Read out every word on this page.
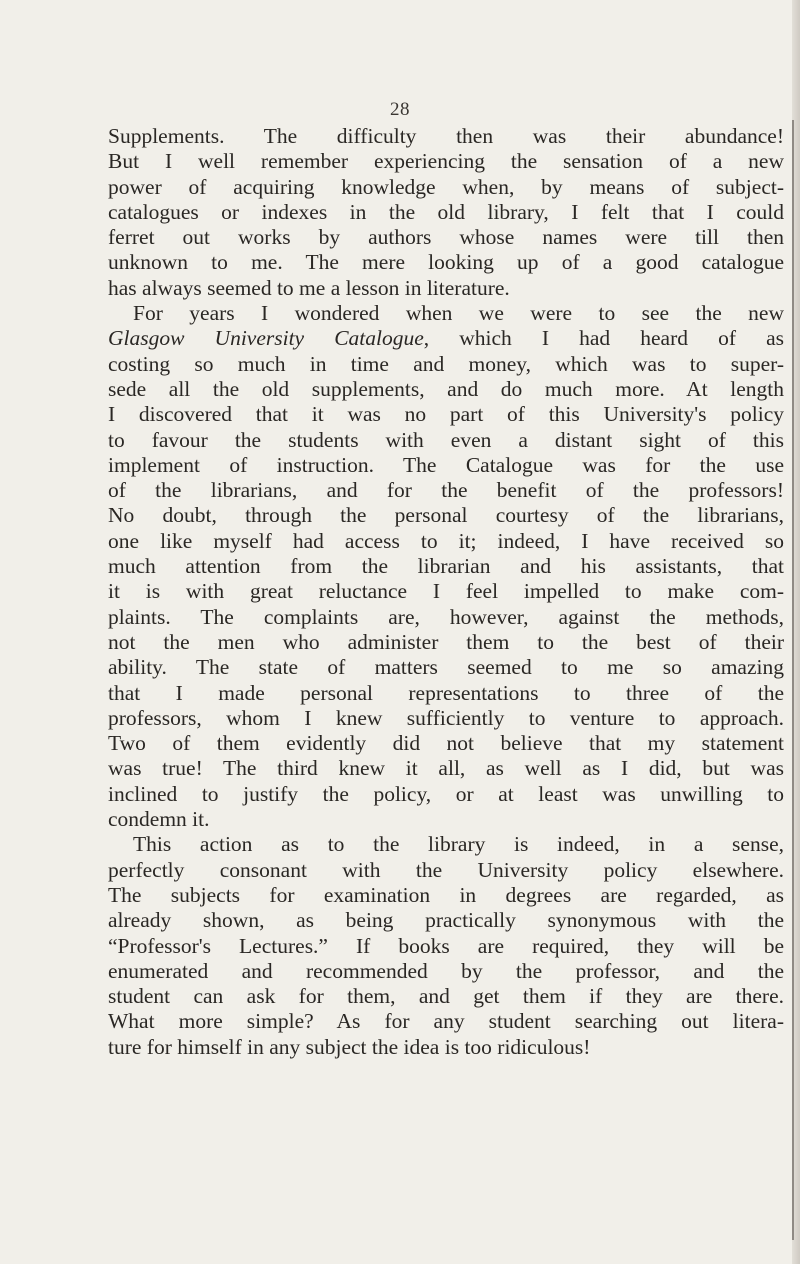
28
Supplements. The difficulty then was their abundance!
But I well remember experiencing the sensation of a new
power of acquiring knowledge when, by means of subject-
catalogues or indexes in the old library, I felt that I could
ferret out works by authors whose names were till then
unknown to me. The mere looking up of a good catalogue
has always seemed to me a lesson in literature.
For years I wondered when we were to see the new
Glasgow University Catalogue, which I had heard of as
costing so much in time and money, which was to super-
sede all the old supplements, and do much more. At length
I discovered that it was no part of this University's policy
to favour the students with even a distant sight of this
implement of instruction. The Catalogue was for the use
of the librarians, and for the benefit of the professors!
No doubt, through the personal courtesy of the librarians,
one like myself had access to it; indeed, I have received so
much attention from the librarian and his assistants, that
it is with great reluctance I feel impelled to make com-
plaints. The complaints are, however, against the methods,
not the men who administer them to the best of their
ability. The state of matters seemed to me so amazing
that I made personal representations to three of the
professors, whom I knew sufficiently to venture to approach.
Two of them evidently did not believe that my statement
was true! The third knew it all, as well as I did, but was
inclined to justify the policy, or at least was unwilling to
condemn it.
This action as to the library is indeed, in a sense,
perfectly consonant with the University policy elsewhere.
The subjects for examination in degrees are regarded, as
already shown, as being practically synonymous with the
“Professor's Lectures.” If books are required, they will be
enumerated and recommended by the professor, and the
student can ask for them, and get them if they are there.
What more simple? As for any student searching out litera-
ture for himself in any subject the idea is too ridiculous!
